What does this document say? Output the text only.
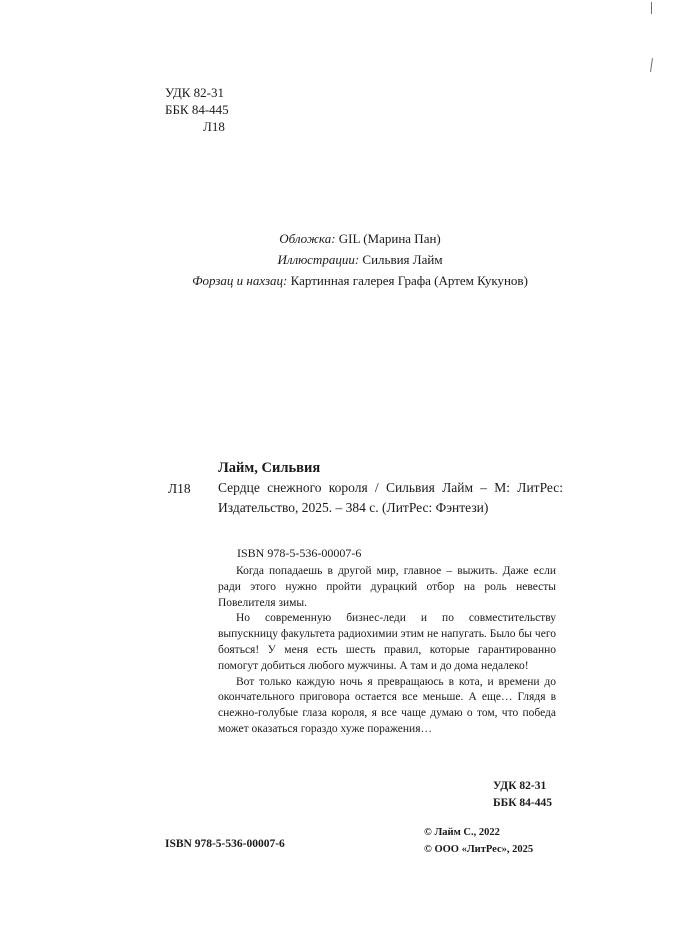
УДК 82-31
ББК 84-445
Л18
Обложка: GIL (Марина Пан)
Иллюстрации: Сильвия Лайм
Форзац и нахзац: Картинная галерея Графа (Артем Кукунов)
Лайм, Сильвия
Л18 Сердце снежного короля / Сильвия Лайм – М: ЛитРес: Издательство, 2025. – 384 с. (ЛитРес: Фэнтези)
ISBN 978-5-536-00007-6

Когда попадаешь в другой мир, главное – выжить. Даже если ради этого нужно пройти дурацкий отбор на роль невесты Повелителя зимы.

Но современную бизнес-леди и по совместительству выпускницу факультета радиохимии этим не напугать. Было бы чего бояться! У меня есть шесть правил, которые гарантированно помогут добиться любого мужчины. А там и до дома недалеко!

Вот только каждую ночь я превращаюсь в кота, и времени до окончательного приговора остается все меньше. А еще… Глядя в снежно-голубые глаза короля, я все чаще думаю о том, что победа может оказаться гораздо хуже поражения…

УДК 82-31
ББК 84-445
ISBN 978-5-536-00007-6
© Лайм С., 2022
© ООО «ЛитРес», 2025
